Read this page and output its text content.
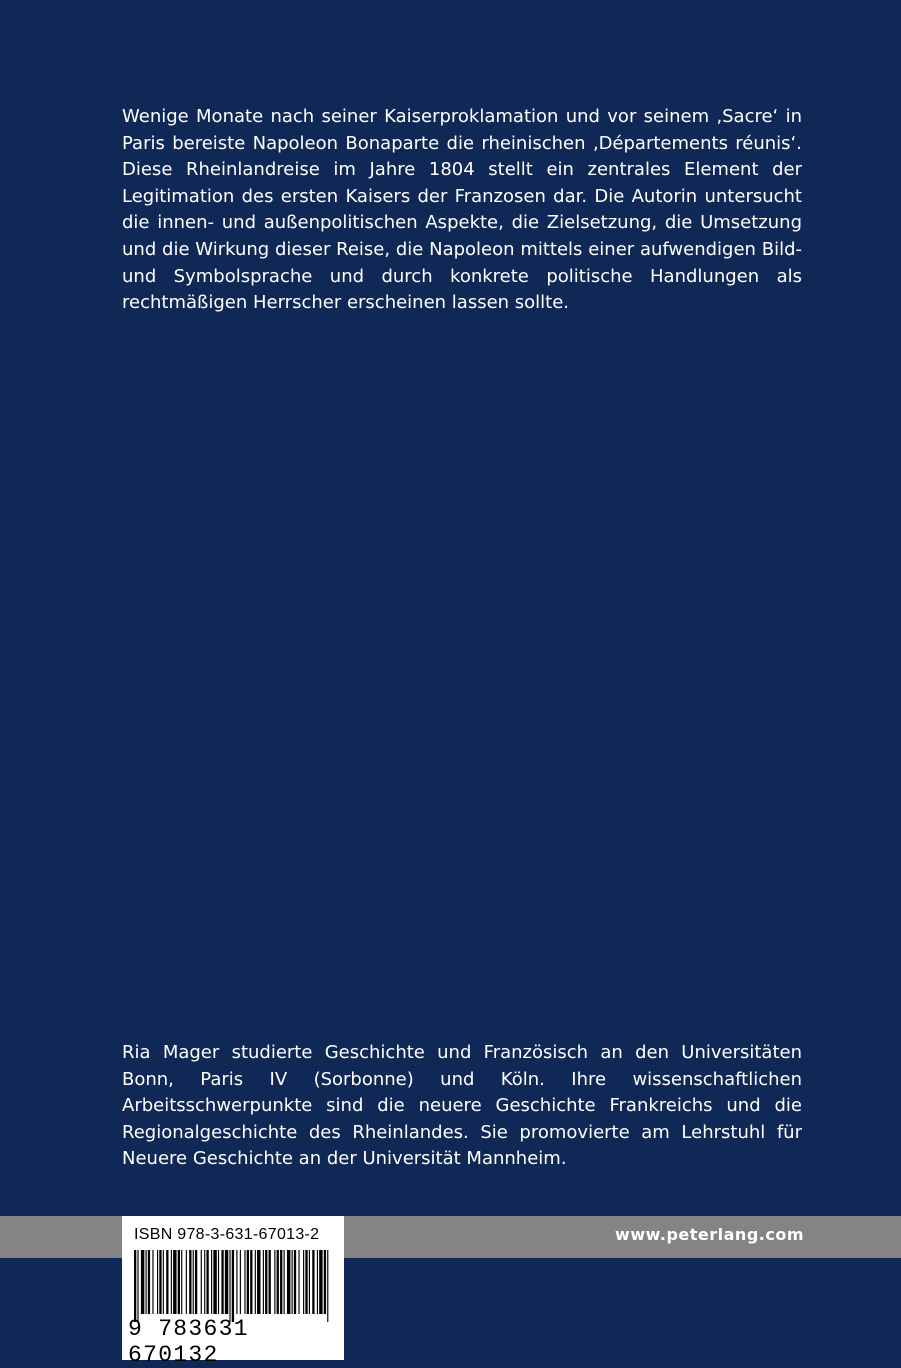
Wenige Monate nach seiner Kaiserproklamation und vor seinem ‚Sacre‘ in Paris bereiste Napoleon Bonaparte die rheinischen ‚Départements réunis‘. Diese Rheinlandreise im Jahre 1804 stellt ein zentrales Element der Legitimation des ersten Kaisers der Franzosen dar. Die Autorin untersucht die innen- und außenpolitischen Aspekte, die Zielsetzung, die Umsetzung und die Wirkung dieser Reise, die Napoleon mittels einer aufwendigen Bild- und Symbolsprache und durch konkrete politische Handlungen als rechtmäßigen Herrscher erscheinen lassen sollte.

Ria Mager studierte Geschichte und Französisch an den Universitäten Bonn, Paris IV (Sorbonne) und Köln. Ihre wissenschaftlichen Arbeitsschwerpunkte sind die neuere Geschichte Frankreichs und die Regionalgeschichte des Rheinlandes. Sie promovierte am Lehrstuhl für Neuere Geschichte an der Universität Mannheim.

www.peterlang.com
ISBN 978-3-631-67013-2
9 783631 670132
